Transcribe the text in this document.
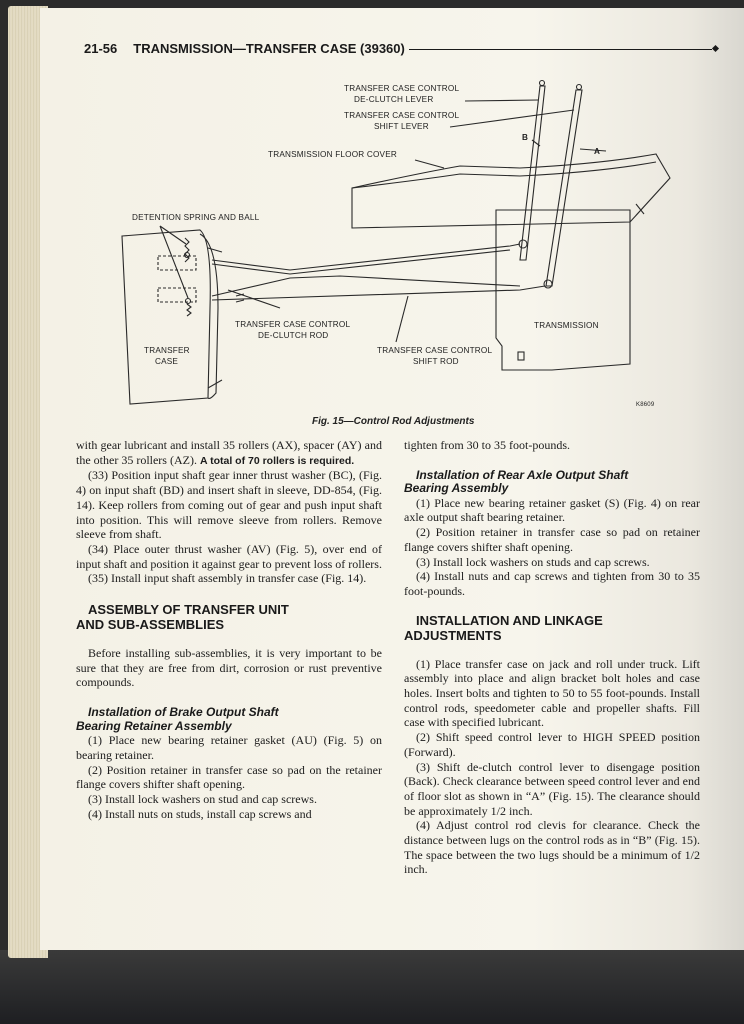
21-56 TRANSMISSION—TRANSFER CASE (39360)
TRANSFER CASE CONTROL
DE-CLUTCH LEVER
TRANSFER CASE CONTROL
SHIFT LEVER
TRANSMISSION FLOOR COVER
DETENTION SPRING AND BALL
TRANSFER CASE CONTROL
DE-CLUTCH ROD
TRANSFER CASE CONTROL
SHIFT ROD
TRANSFER
CASE
TRANSMISSION
A
B
K8609
Fig. 15—Control Rod Adjustments

with gear lubricant and install 35 rollers (AX), spacer (AY) and the other 35 rollers (AZ). A total of 70 rollers is required.

(33) Position input shaft gear inner thrust washer (BC), (Fig. 4) on input shaft (BD) and insert shaft in sleeve, DD-854, (Fig. 14). Keep rollers from coming out of gear and push input shaft into position. This will remove sleeve from rollers. Remove sleeve from shaft.

(34) Place outer thrust washer (AV) (Fig. 5), over end of input shaft and position it against gear to prevent loss of rollers.

(35) Install input shaft assembly in transfer case (Fig. 14).

ASSEMBLY OF TRANSFER UNIT
AND SUB-ASSEMBLIES

Before installing sub-assemblies, it is very important to be sure that they are free from dirt, corrosion or rust preventive compounds.

Installation of Brake Output Shaft
Bearing Retainer Assembly

(1) Place new bearing retainer gasket (AU) (Fig. 5) on bearing retainer.

(2) Position retainer in transfer case so pad on the retainer flange covers shifter shaft opening.

(3) Install lock washers on stud and cap screws.

(4) Install nuts on studs, install cap screws and

tighten from 30 to 35 foot-pounds.

Installation of Rear Axle Output Shaft
Bearing Assembly

(1) Place new bearing retainer gasket (S) (Fig. 4) on rear axle output shaft bearing retainer.

(2) Position retainer in transfer case so pad on retainer flange covers shifter shaft opening.

(3) Install lock washers on studs and cap screws.

(4) Install nuts and cap screws and tighten from 30 to 35 foot-pounds.

INSTALLATION AND LINKAGE ADJUSTMENTS

(1) Place transfer case on jack and roll under truck. Lift assembly into place and align bracket bolt holes and case holes. Insert bolts and tighten to 50 to 55 foot-pounds. Install control rods, speedometer cable and propeller shafts. Fill case with specified lubricant.

(2) Shift speed control lever to HIGH SPEED position (Forward).

(3) Shift de-clutch control lever to disengage position (Back). Check clearance between speed control lever and end of floor slot as shown in “A” (Fig. 15). The clearance should be approximately 1/2 inch.

(4) Adjust control rod clevis for clearance. Check the distance between lugs on the control rods as in “B” (Fig. 15). The space between the two lugs should be a minimum of 1/2 inch.
